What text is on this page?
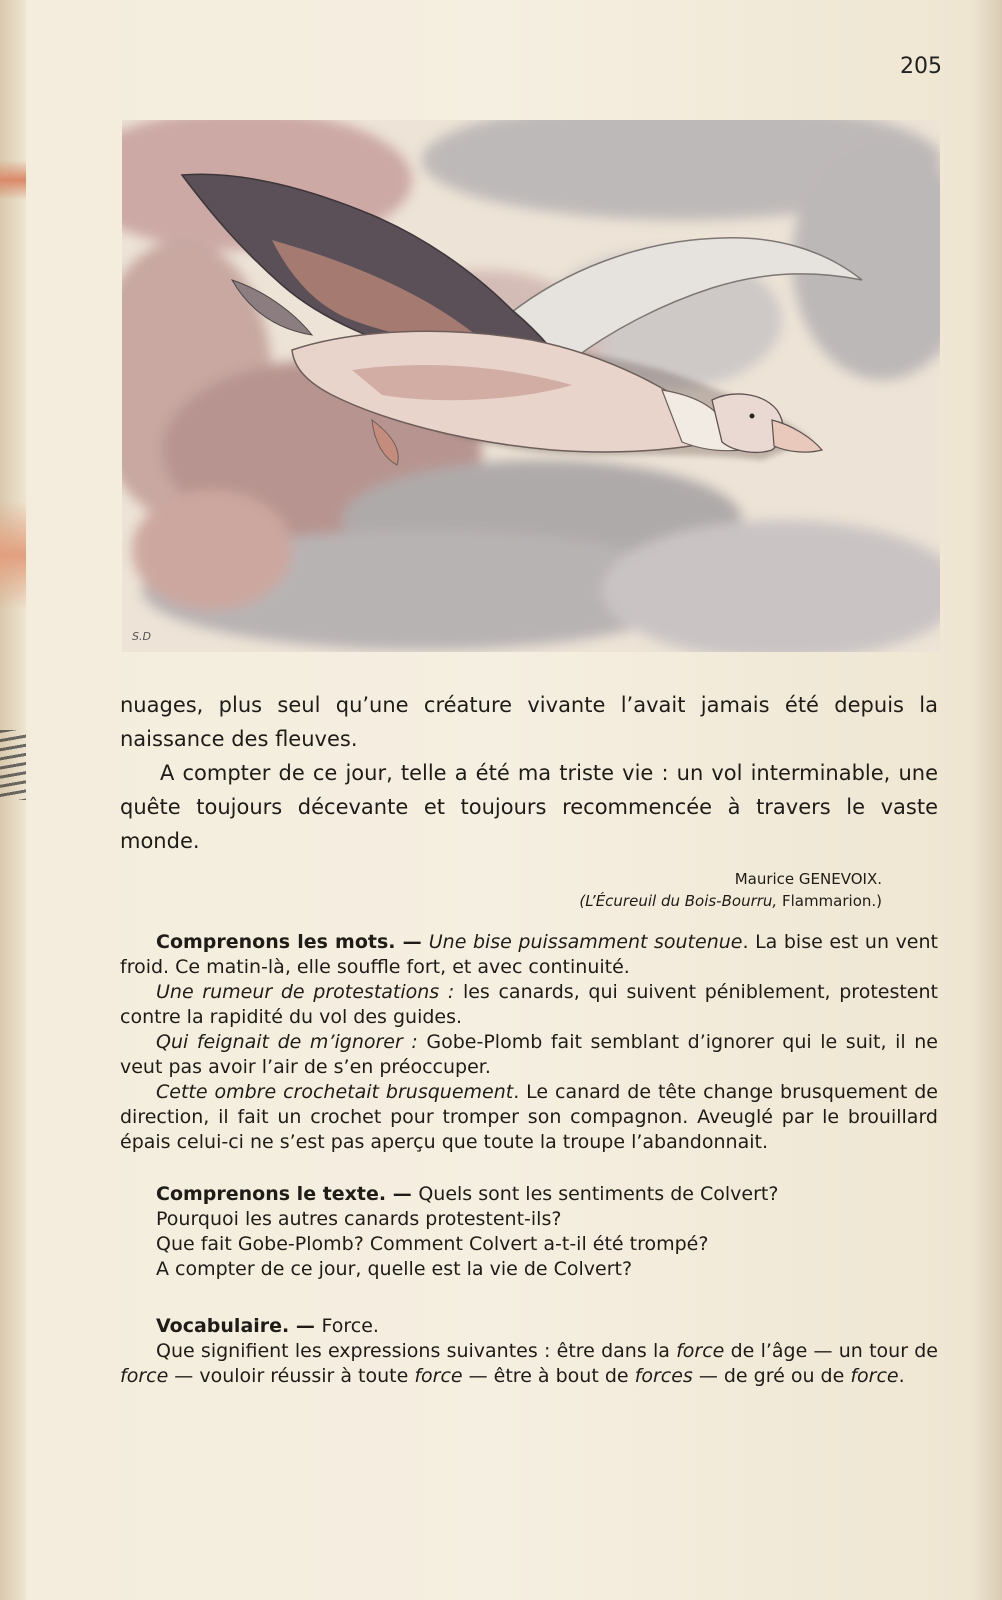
205
S.D
nuages, plus seul qu’une créature vivante l’avait jamais été depuis la naissance des fleuves.
A compter de ce jour, telle a été ma triste vie : un vol interminable, une quête toujours décevante et toujours recommencée à travers le vaste monde.
Maurice GENEVOIX.
(L’Écureuil du Bois-Bourru, Flammarion.)

Comprenons les mots. — Une bise puissamment soutenue. La bise est un vent froid. Ce matin-là, elle souffle fort, et avec continuité.

Une rumeur de protestations : les canards, qui suivent péniblement, protestent contre la rapidité du vol des guides.

Qui feignait de m’ignorer : Gobe-Plomb fait semblant d’ignorer qui le suit, il ne veut pas avoir l’air de s’en préoccuper.

Cette ombre crochetait brusquement. Le canard de tête change brusquement de direction, il fait un crochet pour tromper son compagnon. Aveuglé par le brouillard épais celui-ci ne s’est pas aperçu que toute la troupe l’abandonnait.

Comprenons le texte. — Quels sont les sentiments de Colvert?

Pourquoi les autres canards protestent-ils?

Que fait Gobe-Plomb? Comment Colvert a-t-il été trompé?

A compter de ce jour, quelle est la vie de Colvert?

Vocabulaire. — Force.

Que signifient les expressions suivantes : être dans la force de l’âge — un tour de force — vouloir réussir à toute force — être à bout de forces — de gré ou de force.
